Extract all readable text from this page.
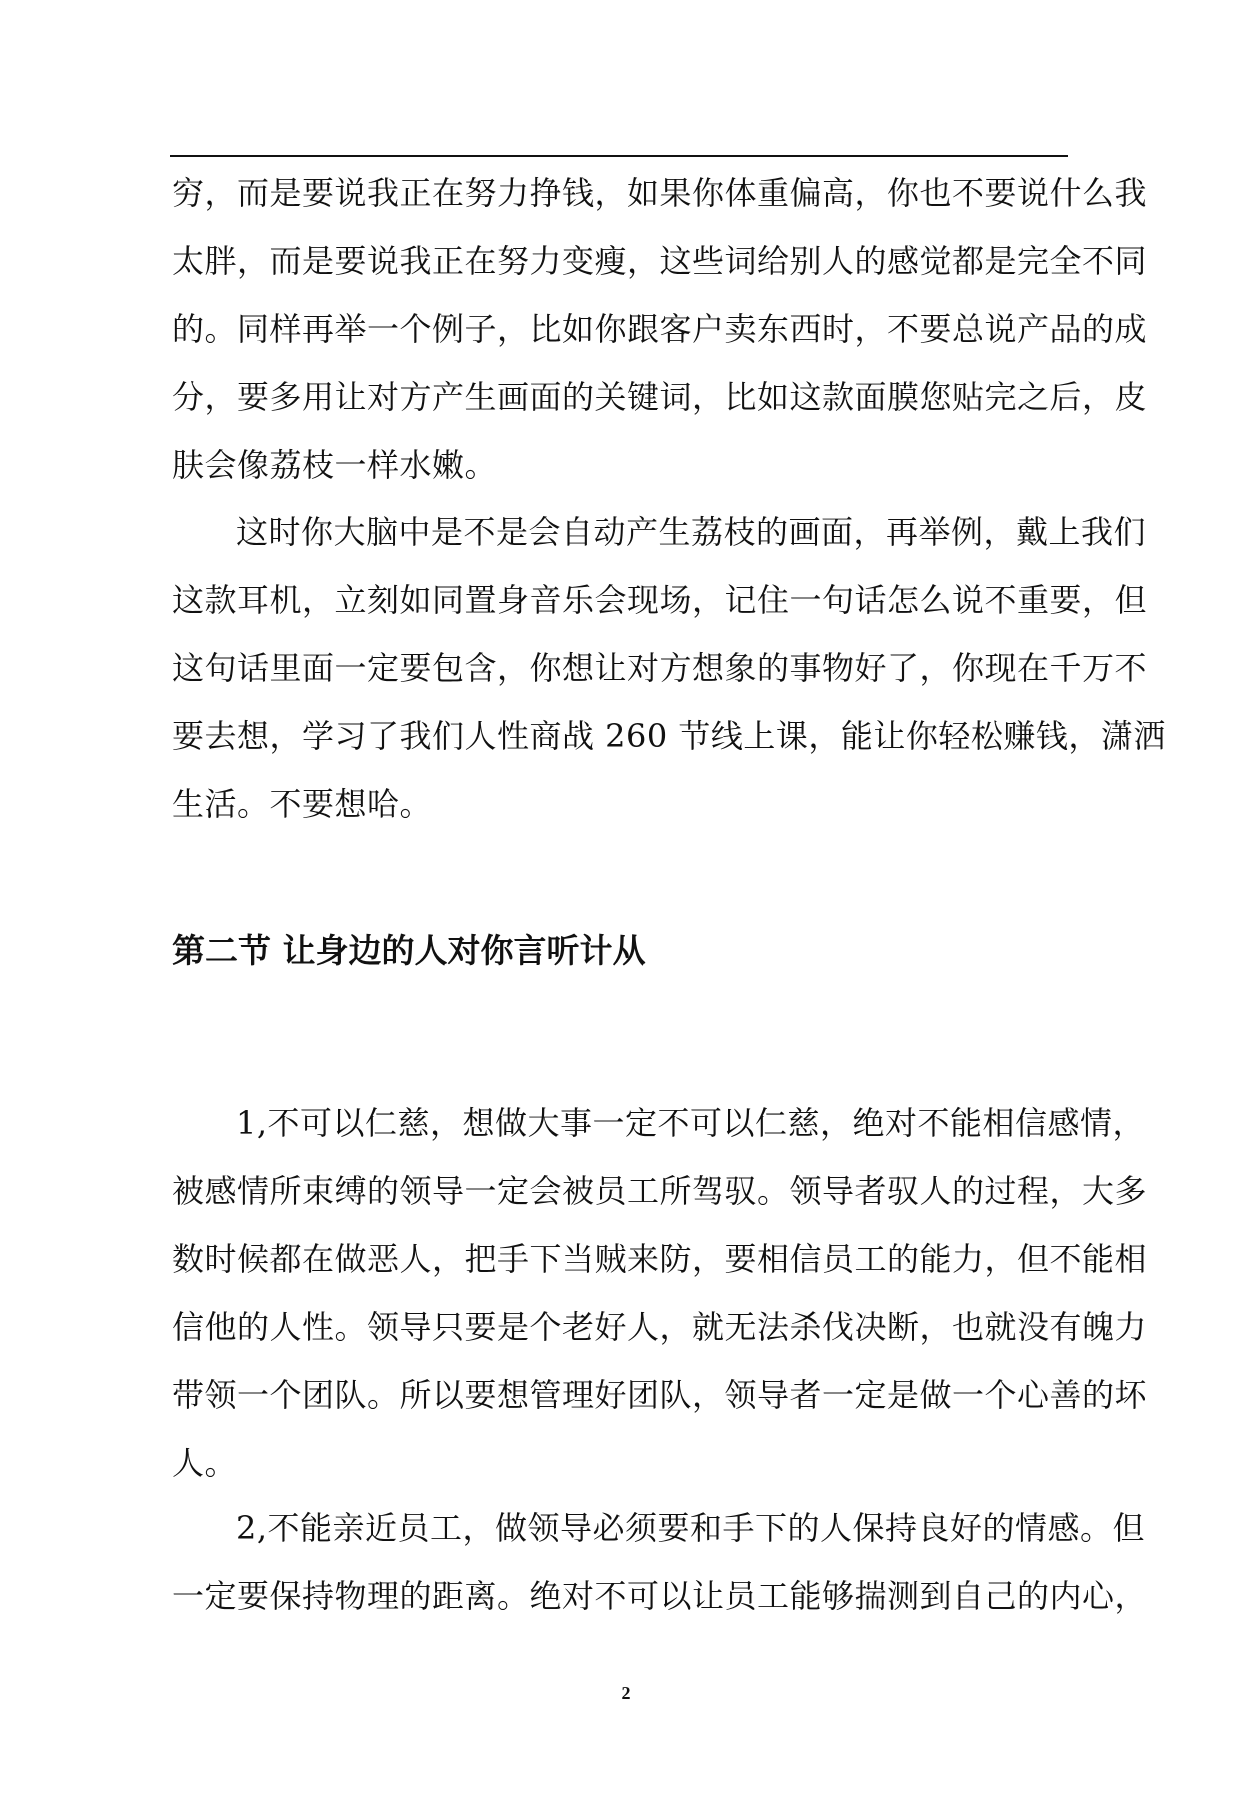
穷，而是要说我正在努力挣钱，如果你体重偏高，你也不要说什么我
太胖，而是要说我正在努力变瘦，这些词给别人的感觉都是完全不同
的。同样再举一个例子，比如你跟客户卖东西时，不要总说产品的成
分，要多用让对方产生画面的关键词，比如这款面膜您贴完之后，皮
肤会像荔枝一样水嫩。
这时你大脑中是不是会自动产生荔枝的画面，再举例，戴上我们
这款耳机，立刻如同置身音乐会现场，记住一句话怎么说不重要，但
这句话里面一定要包含，你想让对方想象的事物好了，你现在千万不
要去想，学习了我们人性商战 260 节线上课，能让你轻松赚钱，潇洒
生活。不要想哈。
第二节 让身边的人对你言听计从
1,不可以仁慈，想做大事一定不可以仁慈，绝对不能相信感情，
被感情所束缚的领导一定会被员工所驾驭。领导者驭人的过程，大多
数时候都在做恶人，把手下当贼来防，要相信员工的能力，但不能相
信他的人性。领导只要是个老好人，就无法杀伐决断，也就没有魄力
带领一个团队。所以要想管理好团队，领导者一定是做一个心善的坏
人。
2,不能亲近员工，做领导必须要和手下的人保持良好的情感。但
一定要保持物理的距离。绝对不可以让员工能够揣测到自己的内心，
2
